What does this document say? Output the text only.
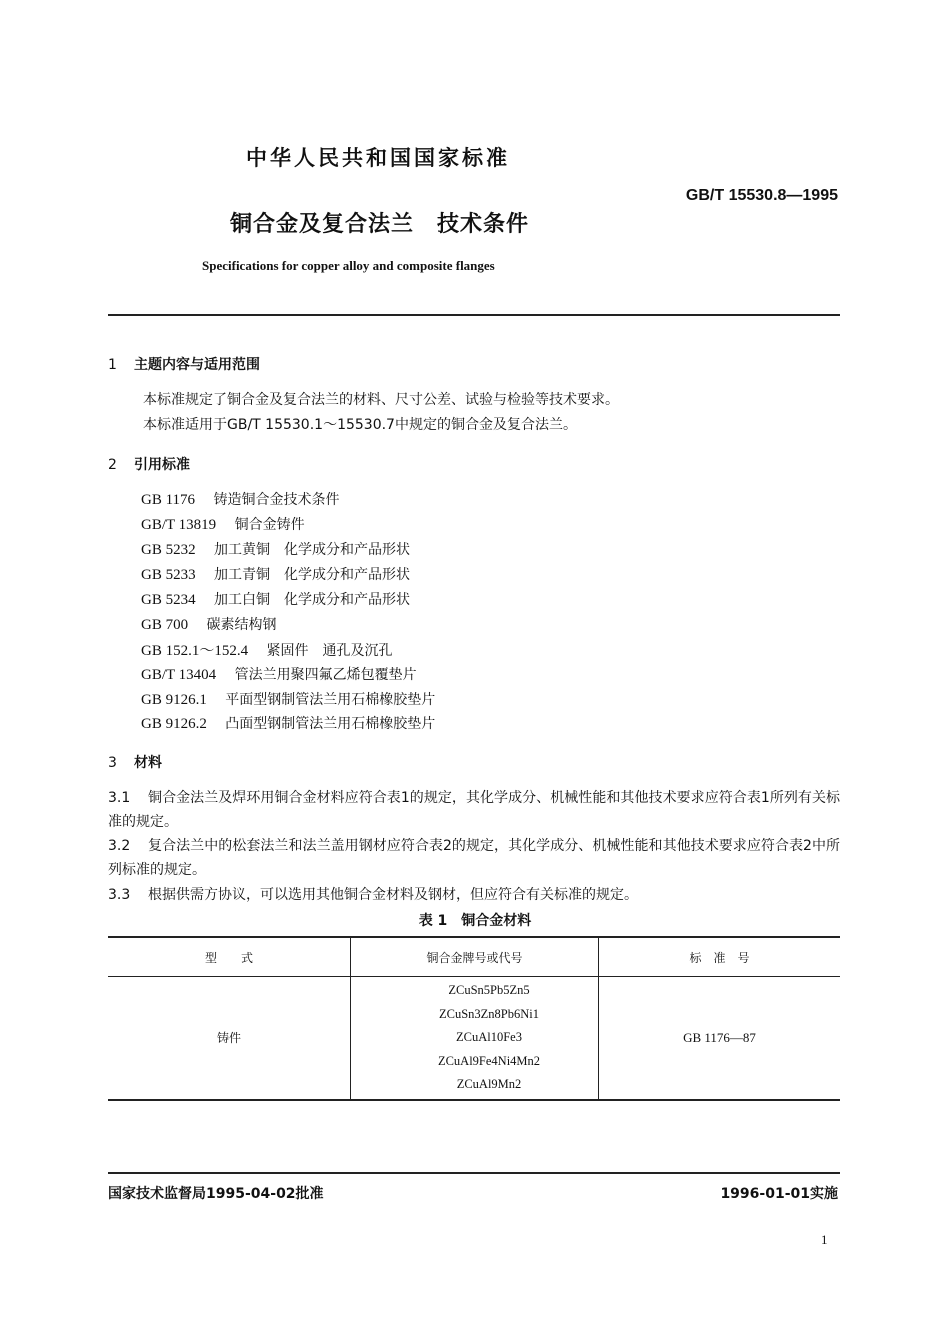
中华人民共和国国家标准
GB/T 15530.8—1995
铜合金及复合法兰　技术条件
Specifications for copper alloy and composite flanges
1 主题内容与适用范围
本标准规定了铜合金及复合法兰的材料、尺寸公差、试验与检验等技术要求。
本标准适用于GB/T 15530.1～15530.7中规定的铜合金及复合法兰。
2 引用标准
GB 1176　 铸造铜合金技术条件
GB/T 13819　 铜合金铸件
GB 5232　 加工黄铜　化学成分和产品形状
GB 5233　 加工青铜　化学成分和产品形状
GB 5234　 加工白铜　化学成分和产品形状
GB 700　 碳素结构钢
GB 152.1～152.4　 紧固件　通孔及沉孔
GB/T 13404　 管法兰用聚四氟乙烯包覆垫片
GB 9126.1　 平面型钢制管法兰用石棉橡胶垫片
GB 9126.2　 凸面型钢制管法兰用石棉橡胶垫片
3 材料
3.1 铜合金法兰及焊环用铜合金材料应符合表1的规定，其化学成分、机械性能和其他技术要求应符合表1所列有关标准的规定。
3.2 复合法兰中的松套法兰和法兰盖用钢材应符合表2的规定，其化学成分、机械性能和其他技术要求应符合表2中所列标准的规定。
3.3 根据供需方协议，可以选用其他铜合金材料及钢材，但应符合有关标准的规定。
表 1　铜合金材料
型　　式	铜合金牌号或代号	标　准　号
铸件	ZCuSn5Pb5Zn5
ZCuSn3Zn8Pb6Ni1
ZCuAl10Fe3
ZCuAl9Fe4Ni4Mn2
ZCuAl9Mn2	GB 1176—87
国家技术监督局1995-04-02批准	1996-01-01实施
1
